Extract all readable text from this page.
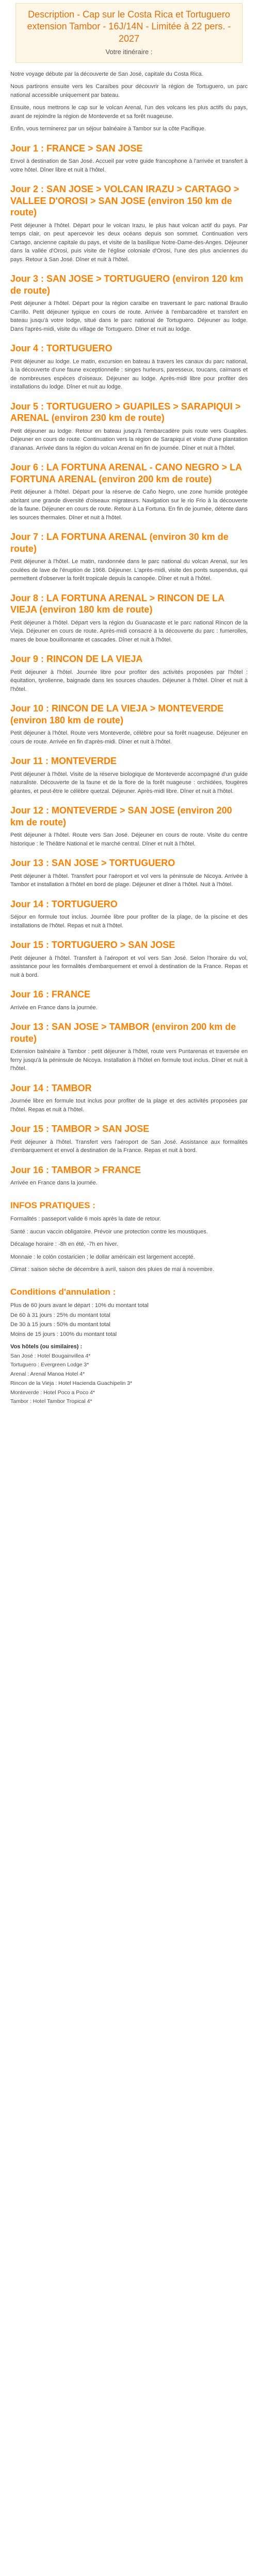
Description - Cap sur le Costa Rica et Tortuguero extension Tambor - 16J/14N - Limitée à 22 pers. - 2027
Votre itinéraire :

Notre voyage débute par la découverte de San José, capitale du Costa Rica.

Nous partirons ensuite vers les Caraïbes pour découvrir la région de Tortuguero, un parc national accessible uniquement par bateau.

Ensuite, nous mettrons le cap sur le volcan Arenal, l'un des volcans les plus actifs du pays, avant de rejoindre la région de Monteverde et sa forêt nuageuse.

Enfin, vous terminerez par un séjour balnéaire à Tambor sur la côte Pacifique.

Jour 1 : FRANCE > SAN JOSE

Envol à destination de San José. Accueil par votre guide francophone à l'arrivée et transfert à votre hôtel. Dîner libre et nuit à l'hôtel.

Jour 2 : SAN JOSE > VOLCAN IRAZU > CARTAGO > VALLEE D'OROSI > SAN JOSE (environ 150 km de route)

Petit déjeuner à l'hôtel. Départ pour le volcan Irazu, le plus haut volcan actif du pays. Par temps clair, on peut apercevoir les deux océans depuis son sommet. Continuation vers Cartago, ancienne capitale du pays, et visite de la basilique Notre-Dame-des-Anges. Déjeuner dans la vallée d'Orosi, puis visite de l'église coloniale d'Orosi, l'une des plus anciennes du pays. Retour à San José. Dîner et nuit à l'hôtel.

Jour 3 : SAN JOSE > TORTUGUERO (environ 120 km de route)

Petit déjeuner à l'hôtel. Départ pour la région caraïbe en traversant le parc national Braulio Carrillo. Petit déjeuner typique en cours de route. Arrivée à l'embarcadère et transfert en bateau jusqu'à votre lodge, situé dans le parc national de Tortuguero. Déjeuner au lodge. Dans l'après-midi, visite du village de Tortuguero. Dîner et nuit au lodge.

Jour 4 : TORTUGUERO

Petit déjeuner au lodge. Le matin, excursion en bateau à travers les canaux du parc national, à la découverte d'une faune exceptionnelle : singes hurleurs, paresseux, toucans, caïmans et de nombreuses espèces d'oiseaux. Déjeuner au lodge. Après-midi libre pour profiter des installations du lodge. Dîner et nuit au lodge.

Jour 5 : TORTUGUERO > GUAPILES > SARAPIQUI > ARENAL (environ 230 km de route)

Petit déjeuner au lodge. Retour en bateau jusqu'à l'embarcadère puis route vers Guapiles. Déjeuner en cours de route. Continuation vers la région de Sarapiqui et visite d'une plantation d'ananas. Arrivée dans la région du volcan Arenal en fin de journée. Dîner et nuit à l'hôtel.

Jour 6 : LA FORTUNA ARENAL - CANO NEGRO > LA FORTUNA ARENAL (environ 200 km de route)

Petit déjeuner à l'hôtel. Départ pour la réserve de Caño Negro, une zone humide protégée abritant une grande diversité d'oiseaux migrateurs. Navigation sur le rio Frio à la découverte de la faune. Déjeuner en cours de route. Retour à La Fortuna. En fin de journée, détente dans les sources thermales. Dîner et nuit à l'hôtel.

Jour 7 : LA FORTUNA ARENAL (environ 30 km de route)

Petit déjeuner à l'hôtel. Le matin, randonnée dans le parc national du volcan Arenal, sur les coulées de lave de l'éruption de 1968. Déjeuner. L'après-midi, visite des ponts suspendus, qui permettent d'observer la forêt tropicale depuis la canopée. Dîner et nuit à l'hôtel.

Jour 8 : LA FORTUNA ARENAL > RINCON DE LA VIEJA (environ 180 km de route)

Petit déjeuner à l'hôtel. Départ vers la région du Guanacaste et le parc national Rincon de la Vieja. Déjeuner en cours de route. Après-midi consacré à la découverte du parc : fumerolles, mares de boue bouillonnante et cascades. Dîner et nuit à l'hôtel.

Jour 9 : RINCON DE LA VIEJA

Petit déjeuner à l'hôtel. Journée libre pour profiter des activités proposées par l'hôtel : équitation, tyrolienne, baignade dans les sources chaudes. Déjeuner à l'hôtel. Dîner et nuit à l'hôtel.

Jour 10 : RINCON DE LA VIEJA > MONTEVERDE (environ 180 km de route)

Petit déjeuner à l'hôtel. Route vers Monteverde, célèbre pour sa forêt nuageuse. Déjeuner en cours de route. Arrivée en fin d'après-midi. Dîner et nuit à l'hôtel.

Jour 11 : MONTEVERDE

Petit déjeuner à l'hôtel. Visite de la réserve biologique de Monteverde accompagné d'un guide naturaliste. Découverte de la faune et de la flore de la forêt nuageuse : orchidées, fougères géantes, et peut-être le célèbre quetzal. Déjeuner. Après-midi libre. Dîner et nuit à l'hôtel.

Jour 12 : MONTEVERDE > SAN JOSE (environ 200 km de route)

Petit déjeuner à l'hôtel. Route vers San José. Déjeuner en cours de route. Visite du centre historique : le Théâtre National et le marché central. Dîner et nuit à l'hôtel.

Jour 13 : SAN JOSE > TORTUGUERO

Petit déjeuner à l'hôtel. Transfert pour l'aéroport et vol vers la péninsule de Nicoya. Arrivée à Tambor et installation à l'hôtel en bord de plage. Déjeuner et dîner à l'hôtel. Nuit à l'hôtel.

Jour 14 : TORTUGUERO

Séjour en formule tout inclus. Journée libre pour profiter de la plage, de la piscine et des installations de l'hôtel. Repas et nuit à l'hôtel.

Jour 15 : TORTUGUERO > SAN JOSE

Petit déjeuner à l'hôtel. Transfert à l'aéroport et vol vers San José. Selon l'horaire du vol, assistance pour les formalités d'embarquement et envol à destination de la France. Repas et nuit à bord.

Jour 16 : FRANCE

Arrivée en France dans la journée.

Jour 13 : SAN JOSE > TAMBOR (environ 200 km de route)

Extension balnéaire à Tambor : petit déjeuner à l'hôtel, route vers Puntarenas et traversée en ferry jusqu'à la péninsule de Nicoya. Installation à l'hôtel en formule tout inclus. Dîner et nuit à l'hôtel.

Jour 14 : TAMBOR

Journée libre en formule tout inclus pour profiter de la plage et des activités proposées par l'hôtel. Repas et nuit à l'hôtel.

Jour 15 : TAMBOR > SAN JOSE

Petit déjeuner à l'hôtel. Transfert vers l'aéroport de San José. Assistance aux formalités d'embarquement et envol à destination de la France. Repas et nuit à bord.

Jour 16 : TAMBOR > FRANCE

Arrivée en France dans la journée.

INFOS PRATIQUES :

Formalités : passeport valide 6 mois après la date de retour.

Santé : aucun vaccin obligatoire. Prévoir une protection contre les moustiques.

Décalage horaire : -8h en été, -7h en hiver.

Monnaie : le colón costaricien ; le dollar américain est largement accepté.

Climat : saison sèche de décembre à avril, saison des pluies de mai à novembre.

Conditions d'annulation :
Plus de 60 jours avant le départ : 10% du montant total
De 60 à 31 jours : 25% du montant total
De 30 à 15 jours : 50% du montant total
Moins de 15 jours : 100% du montant total
Vos hôtels (ou similaires) :
San José : Hotel Bougainvillea 4*
Tortuguero : Evergreen Lodge 3*
Arenal : Arenal Manoa Hotel 4*
Rincon de la Vieja : Hotel Hacienda Guachipelin 3*
Monteverde : Hotel Poco a Poco 4*
Tambor : Hotel Tambor Tropical 4*
